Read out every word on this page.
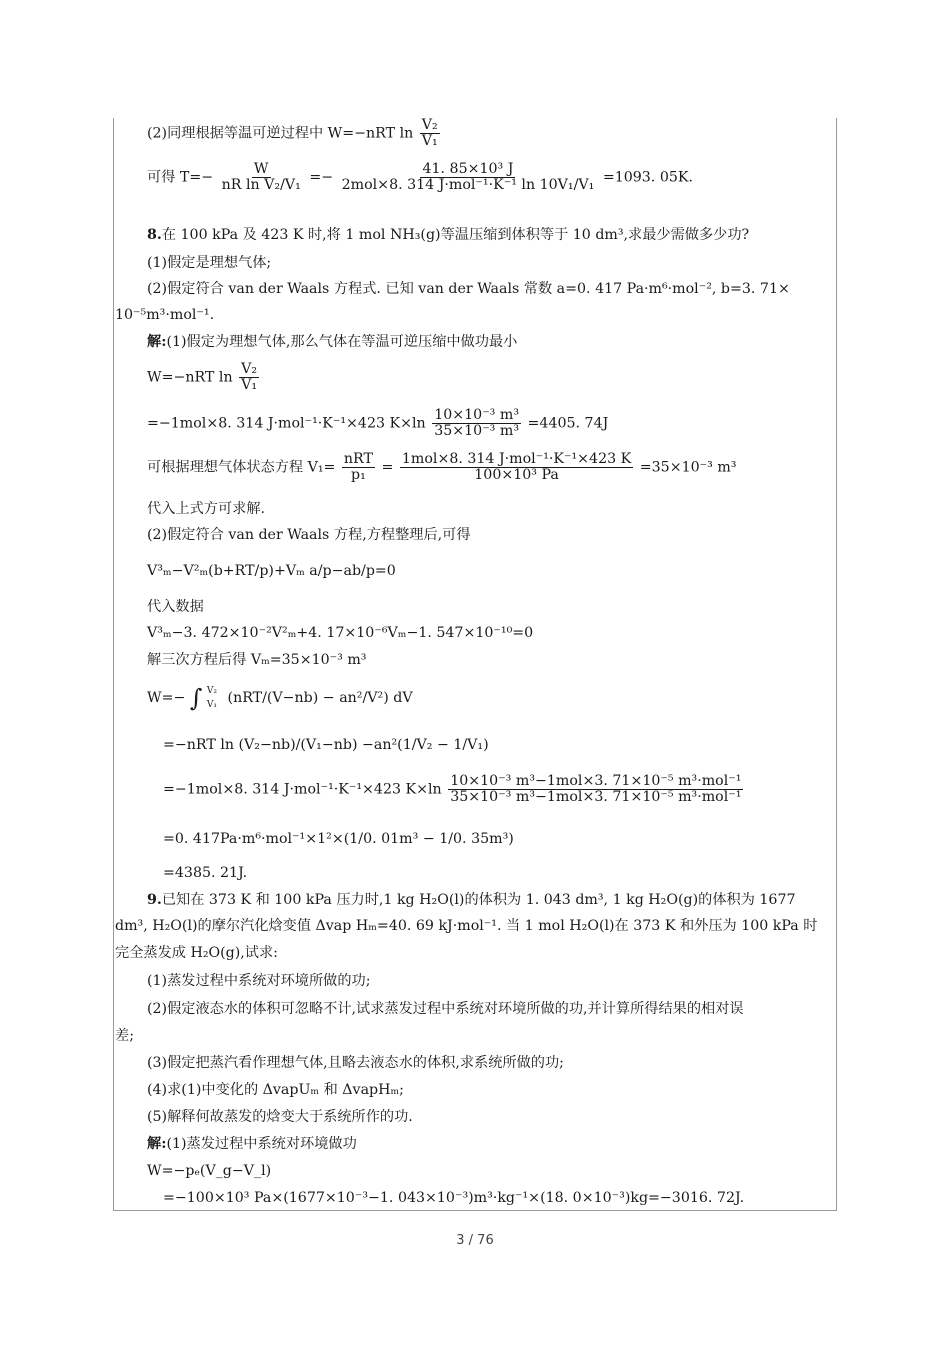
(2)同理根据等温可逆过程中 W=−nRT $\ln \frac{\text{V₂}}{\text{V₁}}$
可得 $T=- \frac{W}{\text{nR ln V₂/V₁}} =- \frac{\text{41. 85×10³ J}}{\text{2mol×8. 314 J·mol⁻¹·K⁻¹ ln 10V₁/V₁}} =1093$. 05K.
8.在 100 kPa 及 423 K 时,将 1 mol NH₃(g)等温压缩到体积等于 10 dm³,求最少需做多少功?
(1)假定是理想气体;
(2)假定符合 van der Waals 方程式. 已知 van der Waals 常数 a=0. 417 Pa·m⁶·mol⁻², b=3. 71×
10⁻⁵m³·mol⁻¹.
解:(1)假定为理想气体,那么气体在等温可逆压缩中做功最小
W=−nRT $\ln \frac{\text{V₂}}{\text{V₁}}$
=−1mol×8. 314 J·mol⁻¹·K⁻¹×423 $K\times\ln \frac{\text{10×10⁻³ m³}}{\text{35×10⁻³ m³}} =4405$. 74J
可根据理想气体状态方程 $V_1= \frac{\text{nRT}}{\text{p₁}} = \frac{\text{1mol×8. 314 J·mol⁻¹·K⁻¹×423 K}}{\text{100×10³ Pa}} =35\times 10^{-3}$ m³
代入上式方可求解.
(2)假定符合 van der Waals 方程,方程整理后,可得
V³ₘ−V²ₘ(b+RT/p)+Vₘ a/p−ab/p=0
代入数据
V³ₘ−3. 472×10⁻²V²ₘ+4. 17×10⁻⁶Vₘ−1. 547×10⁻¹⁰=0
解三次方程后得 Vₘ=35×10⁻³ m³
W=− ∫ V₂
V₁ (nRT/(V−nb) − an²/V²) dV
=−nRT ln (V₂−nb)/(V₁−nb) −an²(1/V₂ − 1/V₁)
=−1mol×8. 314 J·mol⁻¹·K⁻¹×423 $K\times\ln \frac{\text{10×10⁻³ m³−1mol×3. 71×10⁻⁵ m³·mol⁻¹}}{\text{35×10⁻³ m³−1mol×3. 71×10⁻⁵ m³·mol⁻¹}}$
=0. 417Pa·m⁶·mol⁻¹×1²×(1/0. 01m³ − 1/0. 35m³)
=4385. 21J.
9.已知在 373 K 和 100 kPa 压力时,1 kg H₂O(l)的体积为 1. 043 dm³, 1 kg H₂O(g)的体积为 1677
dm³, H₂O(l)的摩尔汽化焓变值 Δvap Hₘ=40. 69 kJ·mol⁻¹. 当 1 mol H₂O(l)在 373 K 和外压为 100 kPa 时
完全蒸发成 H₂O(g),试求:
(1)蒸发过程中系统对环境所做的功;
(2)假定液态水的体积可忽略不计,试求蒸发过程中系统对环境所做的功,并计算所得结果的相对误
差;
(3)假定把蒸汽看作理想气体,且略去液态水的体积,求系统所做的功;
(4)求(1)中变化的 ΔvapUₘ 和 ΔvapHₘ;
(5)解释何故蒸发的焓变大于系统所作的功.
解:(1)蒸发过程中系统对环境做功
W=−pₑ(V_g−V_l)
=−100×10³ Pa×(1677×10⁻³−1. 043×10⁻³)m³·kg⁻¹×(18. 0×10⁻³)kg=−3016. 72J.
3 / 76
